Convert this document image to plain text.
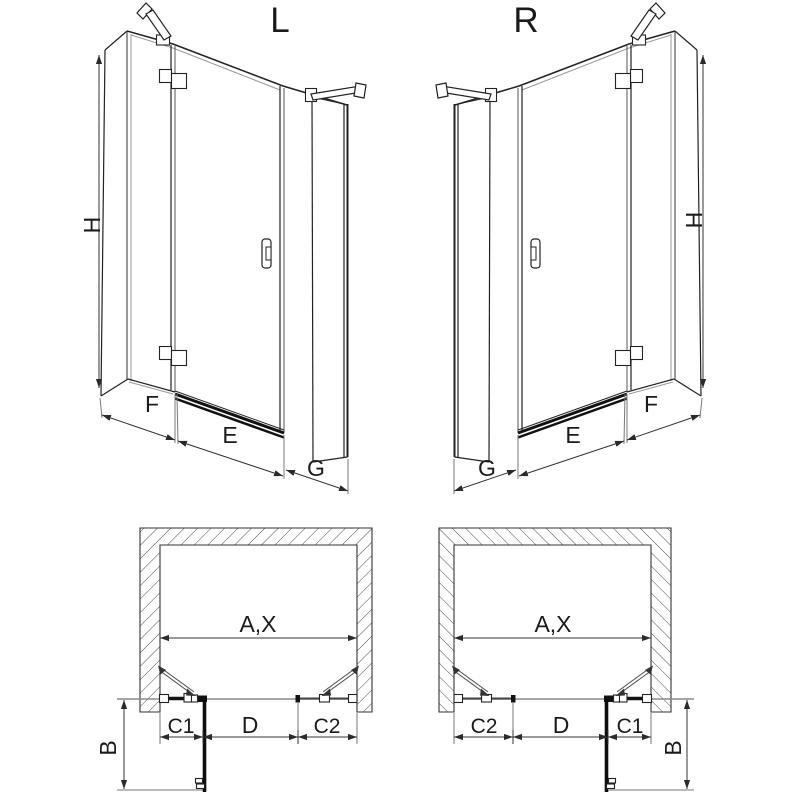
L
H
F
E
G
R
H
F
E
G
A,X
C1 D	C2
B
A,X
C2 D C1
B
